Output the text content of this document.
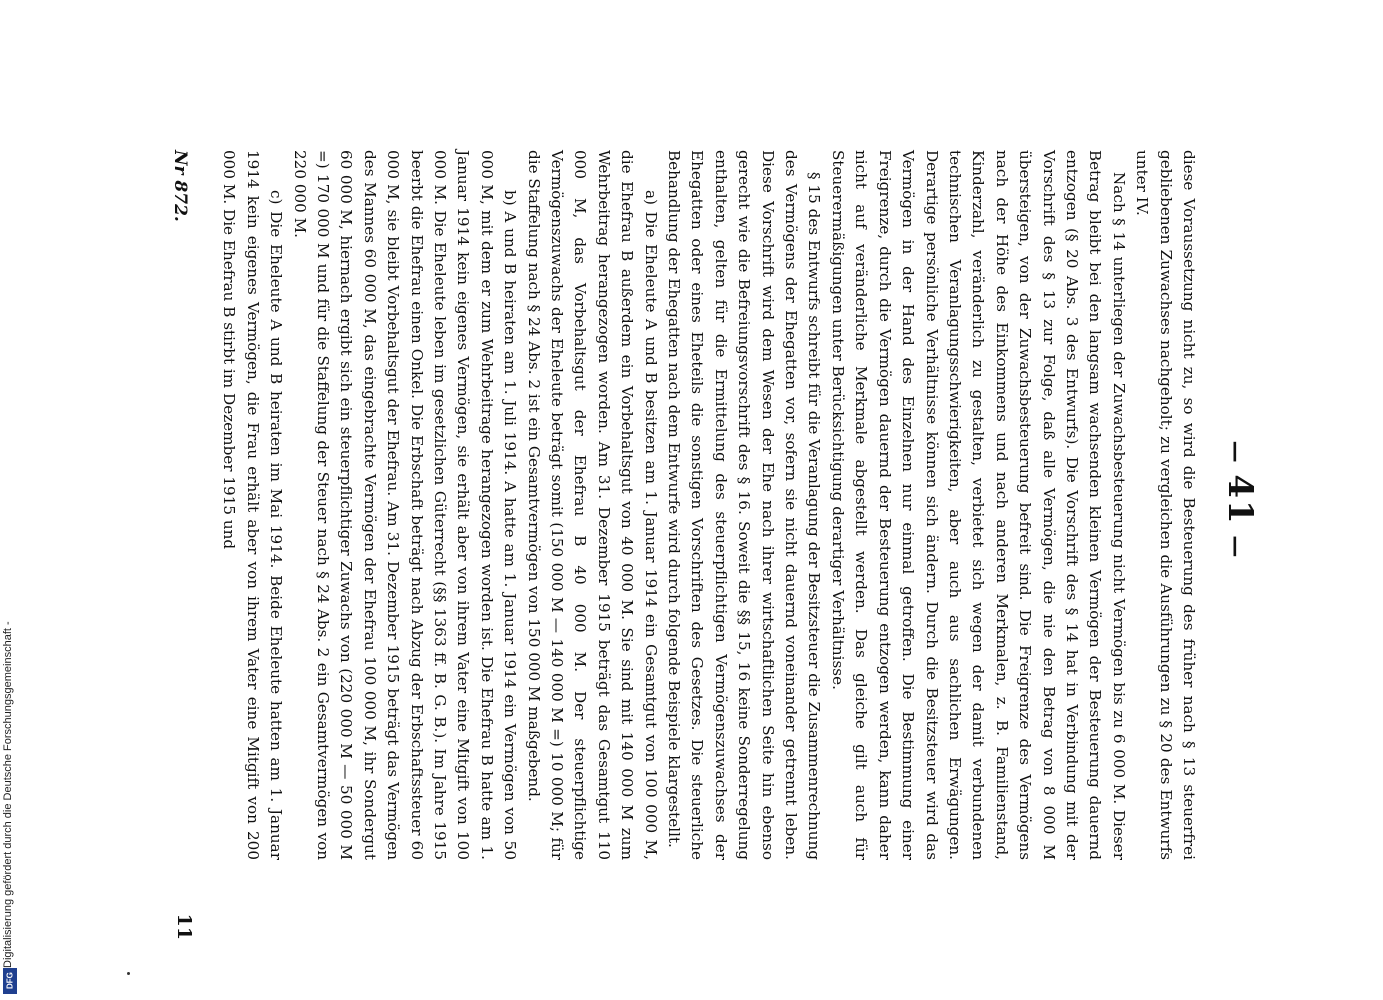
Digitalisierung gefördert durch die Deutsche Forschungsgemeinschaft -
DFG
— 41 —

diese Voraussetzung nicht zu, so wird die Besteuerung des früher nach § 13 steuerfrei gebliebenen Zuwachses nachgeholt; zu vergleichen die Ausführungen zu § 20 des Entwurfs unter IV.

Nach § 14 unterliegen der Zuwachsbesteuerung nicht Vermögen bis zu 6 000 M. Dieser Betrag bleibt bei den langsam wachsenden kleinen Vermögen der Besteuerung dauernd entzogen (§ 20 Abs. 3 des Entwurfs). Die Vorschrift des § 14 hat in Verbindung mit der Vorschrift des § 13 zur Folge, daß alle Vermögen, die nie den Betrag von 8 000 M übersteigen, von der Zuwachsbesteuerung befreit sind. Die Freigrenze des Vermögens nach der Höhe des Einkommens und nach anderen Merkmalen, z. B. Familienstand, Kinderzahl, veränderlich zu gestalten, verbietet sich wegen der damit verbundenen technischen Veranlagungsschwierigkeiten, aber auch aus sachlichen Erwägungen. Derartige persönliche Verhältnisse können sich ändern. Durch die Besitzsteuer wird das Vermögen in der Hand des Einzelnen nur einmal getroffen. Die Bestimmung einer Freigrenze, durch die Vermögen dauernd der Besteuerung entzogen werden, kann daher nicht auf veränderliche Merkmale abgestellt werden. Das gleiche gilt auch für Steuerermäßigungen unter Berücksichtigung derartiger Verhältnisse.

§ 15 des Entwurfs schreibt für die Veranlagung der Besitzsteuer die Zusammenrechnung des Vermögens der Ehegatten vor, sofern sie nicht dauernd voneinander getrennt leben. Diese Vorschrift wird dem Wesen der Ehe nach ihrer wirtschaftlichen Seite hin ebenso gerecht wie die Befreiungsvorschrift des § 16. Soweit die §§ 15, 16 keine Sonderregelung enthalten, gelten für die Ermittelung des steuerpflichtigen Vermögenszuwachses der Ehegatten oder eines Eheteils die sonstigen Vorschriften des Gesetzes. Die steuerliche Behandlung der Ehegatten nach dem Entwurfe wird durch folgende Beispiele klargestellt.

a) Die Eheleute A und B besitzen am 1. Januar 1914 ein Gesamtgut von 100 000 M, die Ehefrau B außerdem ein Vorbehaltsgut von 40 000 M. Sie sind mit 140 000 M zum Wehrbeitrag herangezogen worden. Am 31. Dezember 1915 beträgt das Gesamtgut 110 000 M, das Vorbehaltsgut der Ehefrau B 40 000 M. Der steuerpflichtige Vermögenszuwachs der Eheleute beträgt somit (150 000 M — 140 000 M =) 10 000 M; für die Staffelung nach § 24 Abs. 2 ist ein Gesamtvermögen von 150 000 M maßgebend.

b) A und B heiraten am 1. Juli 1914. A hatte am 1. Januar 1914 ein Vermögen von 50 000 M, mit dem er zum Wehrbeitrage herangezogen worden ist. Die Ehefrau B hatte am 1. Januar 1914 kein eigenes Vermögen, sie erhält aber von ihrem Vater eine Mitgift von 100 000 M. Die Eheleute leben im gesetzlichen Güterrecht (§§ 1363 ff. B. G. B.). Im Jahre 1915 beerbt die Ehefrau einen Onkel. Die Erbschaft beträgt nach Abzug der Erbschaftssteuer 60 000 M, sie bleibt Vorbehaltsgut der Ehefrau. Am 31. Dezember 1915 beträgt das Vermögen des Mannes 60 000 M, das eingebrachte Vermögen der Ehefrau 100 000 M, ihr Sondergut 60 000 M, hiernach ergibt sich ein steuerpflichtiger Zuwachs von (220 000 M — 50 000 M =) 170 000 M und für die Staffelung der Steuer nach § 24 Abs. 2 ein Gesamtvermögen von 220 000 M.

c) Die Eheleute A und B heiraten im Mai 1914. Beide Eheleute hatten am 1. Januar 1914 kein eigenes Vermögen, die Frau erhält aber von ihrem Vater eine Mitgift von 200 000 M. Die Ehefrau B stirbt im Dezember 1915 und

Nr 872.
11
